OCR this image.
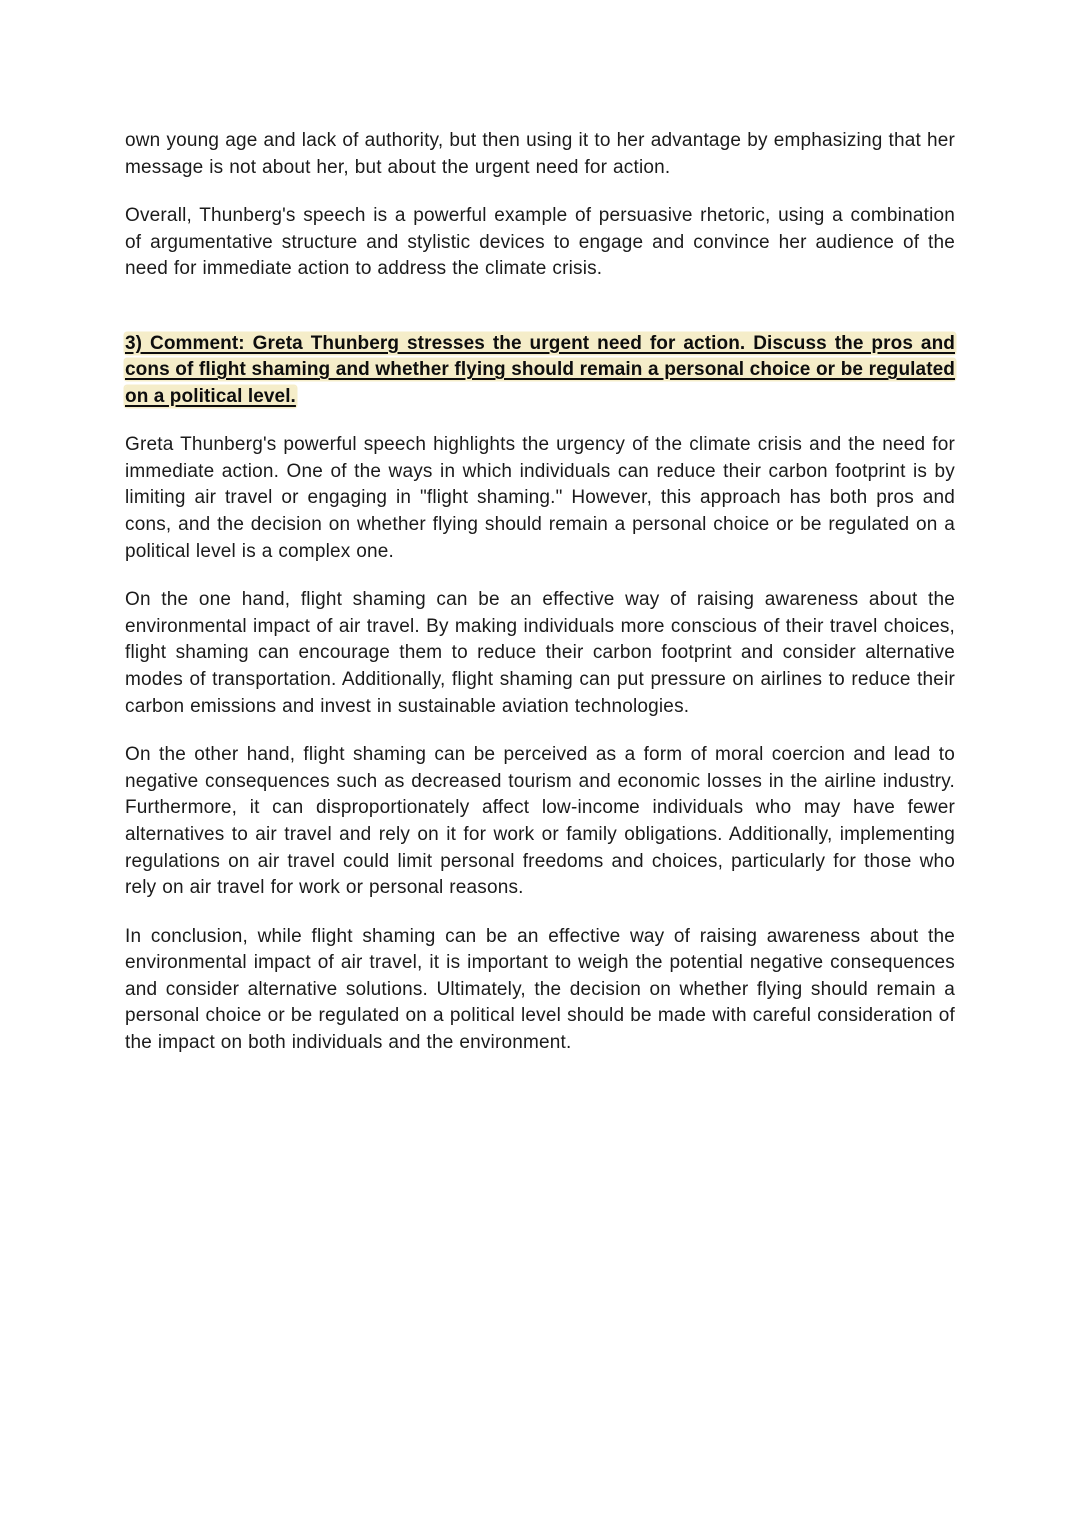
own young age and lack of authority, but then using it to her advantage by emphasizing that her message is not about her, but about the urgent need for action.

Overall, Thunberg's speech is a powerful example of persuasive rhetoric, using a combination of argumentative structure and stylistic devices to engage and convince her audience of the need for immediate action to address the climate crisis.

3) Comment: Greta Thunberg stresses the urgent need for action. Discuss the pros and cons of flight shaming and whether flying should remain a personal choice or be regulated on a political level.

Greta Thunberg's powerful speech highlights the urgency of the climate crisis and the need for immediate action. One of the ways in which individuals can reduce their carbon footprint is by limiting air travel or engaging in "flight shaming." However, this approach has both pros and cons, and the decision on whether flying should remain a personal choice or be regulated on a political level is a complex one.

On the one hand, flight shaming can be an effective way of raising awareness about the environmental impact of air travel. By making individuals more conscious of their travel choices, flight shaming can encourage them to reduce their carbon footprint and consider alternative modes of transportation. Additionally, flight shaming can put pressure on airlines to reduce their carbon emissions and invest in sustainable aviation technologies.

On the other hand, flight shaming can be perceived as a form of moral coercion and lead to negative consequences such as decreased tourism and economic losses in the airline industry. Furthermore, it can disproportionately affect low-income individuals who may have fewer alternatives to air travel and rely on it for work or family obligations. Additionally, implementing regulations on air travel could limit personal freedoms and choices, particularly for those who rely on air travel for work or personal reasons.

In conclusion, while flight shaming can be an effective way of raising awareness about the environmental impact of air travel, it is important to weigh the potential negative consequences and consider alternative solutions. Ultimately, the decision on whether flying should remain a personal choice or be regulated on a political level should be made with careful consideration of the impact on both individuals and the environment.
